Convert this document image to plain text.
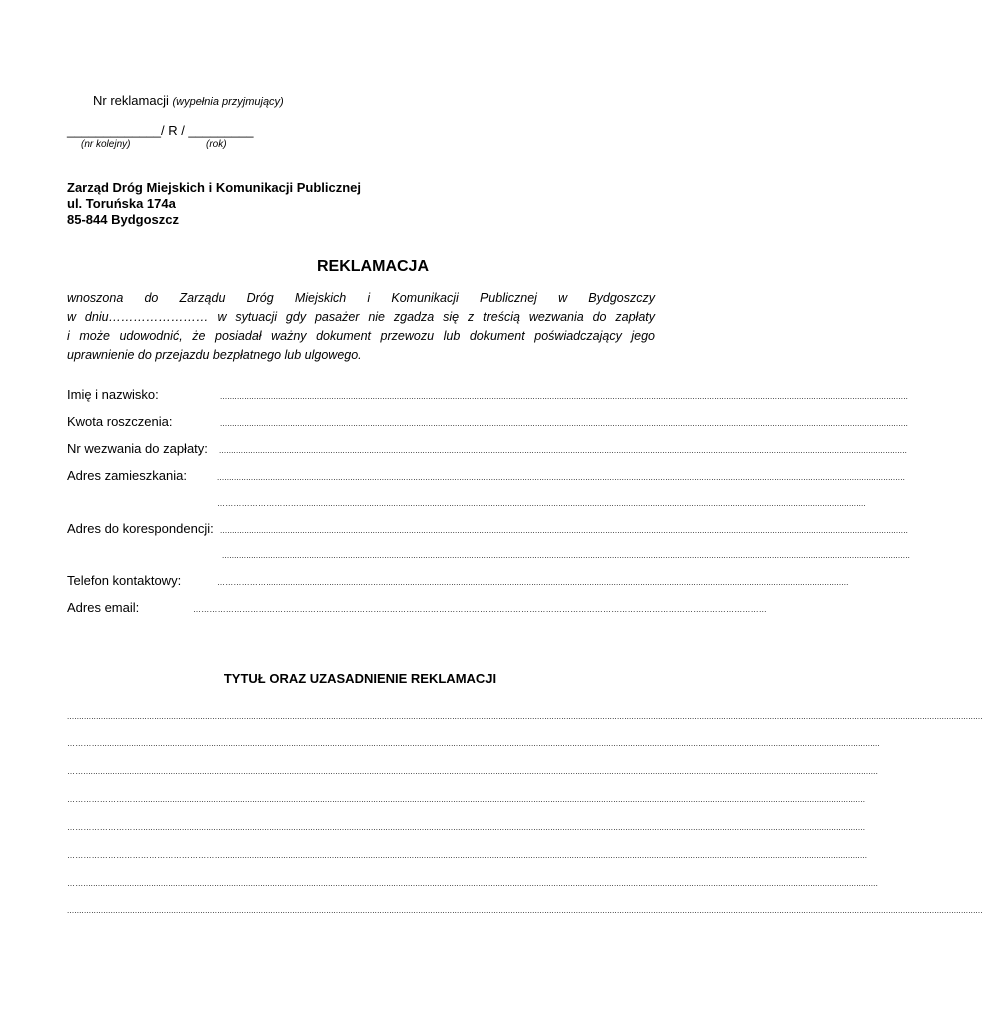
Nr reklamacji (wypełnia przyjmujący)
_____________/ R / _________
(nr kolejny)	(rok)
Zarząd Dróg Miejskich i Komunikacji Publicznej
ul. Toruńska 174a
85-844 Bydgoszcz
REKLAMACJA
wnoszona do Zarządu Dróg Miejskich i Komunikacji Publicznej w Bydgoszczy
w dniu…………………… w sytuacji gdy pasażer nie zgadza się z treścią wezwania do zapłaty
i może udowodnić, że posiadał ważny dokument przewozu lub dokument poświadczający jego
uprawnienie do przejazdu bezpłatnego lub ulgowego.
Imię i nazwisko:	............................................................................................................................................................................................................................................................................................
Kwota roszczenia:	............................................................................................................................................................................................................................................................................................
Nr wezwania do zapłaty: ............................................................................................................................................................................................................................................................................................
Adres zamieszkania:	............................................................................................................................................................................................................................................................................................
…………………………..........................................................................................................................................................................................................................................
Adres do korespondencji: ............................................................................................................................................................................................................................................................................................
............................................................................................................................................................................................................................................................................................
Telefon kontaktowy:	………………...........................................…..................................................................................................................................................................................................
Adres email:	…………………………………………………………………………………………………………………………………………………………………………………………
TYTUŁ ORAZ UZASADNIENIE REKLAMACJI
..........................................................................................................................................................................................................................................................................................................................................................................................
…………..................................................................................................................................................................................................................................................................................................................................
……........................................................................................................................................................................................................................................................................................................................................
………………………...........................................................................................................................................................................................................................................................................................................
………………………...........................................................................................................................................................................................................................................................................................................
…………………………………………………..........................................................................................................................................................................................................................................................................
……........................................................................................................................................................................................................................................................................................................................................
..........................................................................................................................................................................................................................................................................................................................................................................................
